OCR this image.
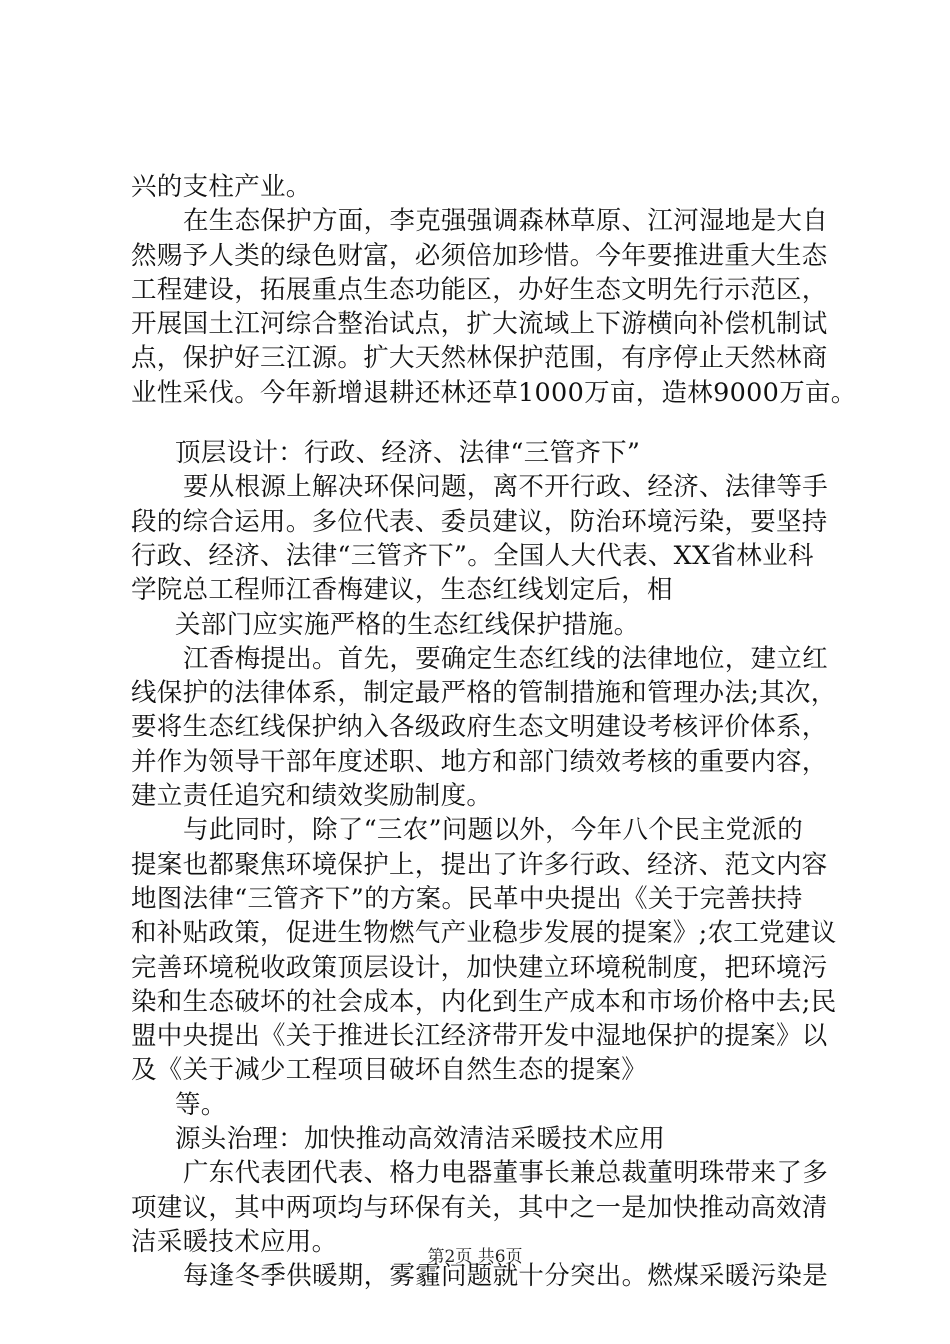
兴的支柱产业。
在生态保护方面，李克强强调森林草原、江河湿地是大自
然赐予人类的绿色财富，必须倍加珍惜。今年要推进重大生态
工程建设，拓展重点生态功能区，办好生态文明先行示范区，
开展国土江河综合整治试点，扩大流域上下游横向补偿机制试
点，保护好三江源。扩大天然林保护范围，有序停止天然林商
业性采伐。今年新增退耕还林还草1000万亩，造林9000万亩。
顶层设计：行政、经济、法律“三管齐下”
要从根源上解决环保问题，离不开行政、经济、法律等手
段的综合运用。多位代表、委员建议，防治环境污染，要坚持
行政、经济、法律“三管齐下”。全国人大代表、XX省林业科
学院总工程师江香梅建议，生态红线划定后，相
关部门应实施严格的生态红线保护措施。
江香梅提出。首先，要确定生态红线的法律地位，建立红
线保护的法律体系，制定最严格的管制措施和管理办法;其次，
要将生态红线保护纳入各级政府生态文明建设考核评价体系，
并作为领导干部年度述职、地方和部门绩效考核的重要内容，
建立责任追究和绩效奖励制度。
与此同时，除了“三农”问题以外，今年八个民主党派的
提案也都聚焦环境保护上，提出了许多行政、经济、范文内容
地图法律“三管齐下”的方案。民革中央提出《关于完善扶持
和补贴政策，促进生物燃气产业稳步发展的提案》;农工党建议
完善环境税收政策顶层设计，加快建立环境税制度，把环境污
染和生态破坏的社会成本，内化到生产成本和市场价格中去;民
盟中央提出《关于推进长江经济带开发中湿地保护的提案》以
及《关于减少工程项目破坏自然生态的提案》
等。
源头治理：加快推动高效清洁采暖技术应用
广东代表团代表、格力电器董事长兼总裁董明珠带来了多
项建议，其中两项均与环保有关，其中之一是加快推动高效清
洁采暖技术应用。
每逢冬季供暖期，雾霾问题就十分突出。燃煤采暖污染是
第2页 共6页
